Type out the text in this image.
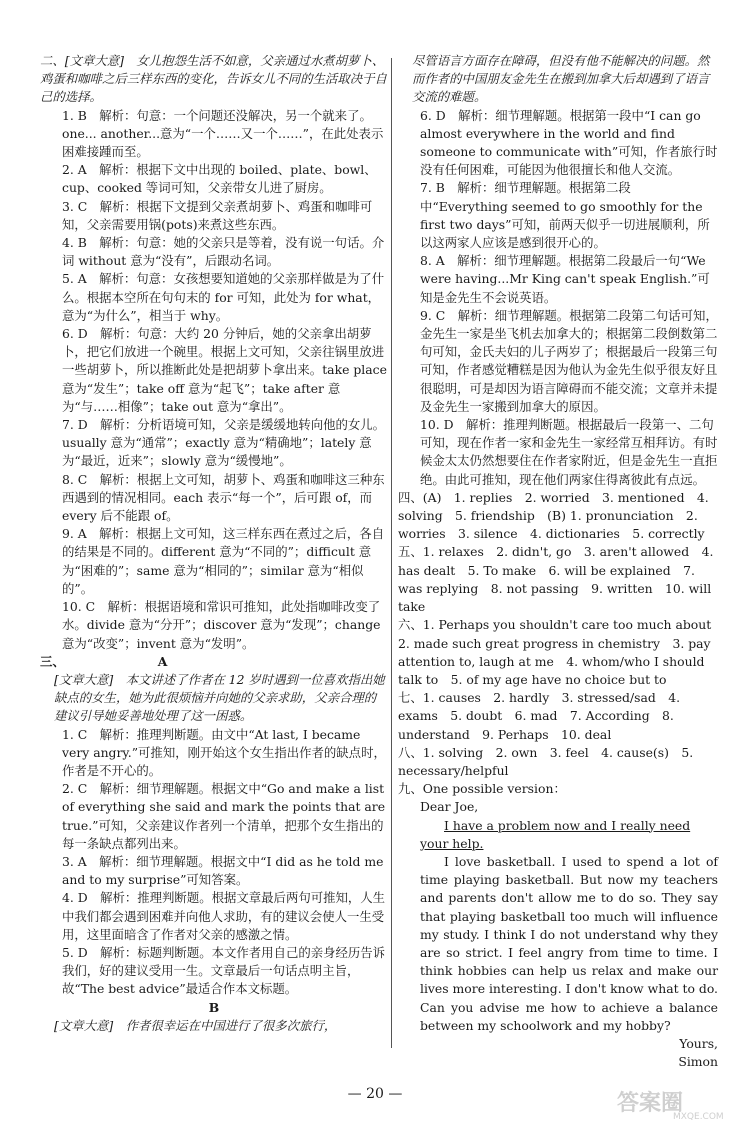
二、[文章大意]　女儿抱怨生活不如意，父亲通过水煮胡萝卜、鸡蛋和咖啡之后三样东西的变化，告诉女儿不同的生活取决于自己的选择。

1. B　解析：句意：一个问题还没解决，另一个就来了。one... another...意为“一个……又一个……”，在此处表示困难接踵而至。

2. A　解析：根据下文中出现的 boiled、plate、bowl、cup、cooked 等词可知，父亲带女儿进了厨房。

3. C　解析：根据下文提到父亲煮胡萝卜、鸡蛋和咖啡可知，父亲需要用锅(pots)来煮这些东西。

4. B　解析：句意：她的父亲只是等着，没有说一句话。介词 without 意为“没有”，后跟动名词。

5. A　解析：句意：女孩想要知道她的父亲那样做是为了什么。根据本空所在句句末的 for 可知，此处为 for what，意为“为什么”，相当于 why。

6. D　解析：句意：大约 20 分钟后，她的父亲拿出胡萝卜，把它们放进一个碗里。根据上文可知，父亲往锅里放进一些胡萝卜，所以推断此处是把胡萝卜拿出来。take place 意为“发生”；take off 意为“起飞”；take after 意为“与……相像”；take out 意为“拿出”。

7. D　解析：分析语境可知，父亲是缓缓地转向他的女儿。usually 意为“通常”；exactly 意为“精确地”；lately 意为“最近，近来”；slowly 意为“缓慢地”。

8. C　解析：根据上文可知，胡萝卜、鸡蛋和咖啡这三种东西遇到的情况相同。each 表示“每一个”，后可跟 of，而 every 后不能跟 of。

9. A　解析：根据上文可知，这三样东西在煮过之后，各自的结果是不同的。different 意为“不同的”；difficult 意为“困难的”；same 意为“相同的”；similar 意为“相似的”。

10. C　解析：根据语境和常识可推知，此处指咖啡改变了水。divide 意为“分开”；discover 意为“发现”；change 意为“改变”；invent 意为“发明”。

三、　　　　　　　　A

[文章大意]　本文讲述了作者在 12 岁时遇到一位喜欢指出她缺点的女生，她为此很烦恼并向她的父亲求助，父亲合理的建议引导她妥善地处理了这一困惑。

1. C　解析：推理判断题。由文中“At last, I became very angry.”可推知，刚开始这个女生指出作者的缺点时，作者是不开心的。

2. C　解析：细节理解题。根据文中“Go and make a list of everything she said and mark the points that are true.”可知，父亲建议作者列一个清单，把那个女生指出的每一条缺点都列出来。

3. A　解析：细节理解题。根据文中“I did as he told me and to my surprise”可知答案。

4. D　解析：推理判断题。根据文章最后两句可推知，人生中我们都会遇到困难并向他人求助，有的建议会使人一生受用，这里面暗含了作者对父亲的感激之情。

5. D　解析：标题判断题。本文作者用自己的亲身经历告诉我们，好的建议受用一生。文章最后一句话点明主旨，故“The best advice”最适合作本文标题。

B

[文章大意]　作者很幸运在中国进行了很多次旅行，

尽管语言方面存在障碍，但没有他不能解决的问题。然而作者的中国朋友金先生在搬到加拿大后却遇到了语言交流的难题。

6. D　解析：细节理解题。根据第一段中“I can go almost everywhere in the world and find someone to communicate with”可知，作者旅行时没有任何困难，可能因为他很擅长和他人交流。

7. B　解析：细节理解题。根据第二段中“Everything seemed to go smoothly for the first two days”可知，前两天似乎一切进展顺利，所以这两家人应该是感到很开心的。

8. A　解析：细节理解题。根据第二段最后一句“We were having...Mr King can't speak English.”可知是金先生不会说英语。

9. C　解析：细节理解题。根据第二段第二句话可知，金先生一家是坐飞机去加拿大的；根据第二段倒数第二句可知，金氏夫妇的儿子两岁了；根据最后一段第三句可知，作者感觉糟糕是因为他认为金先生似乎很友好且很聪明，可是却因为语言障碍而不能交流；文章并未提及金先生一家搬到加拿大的原因。

10. D　解析：推理判断题。根据最后一段第一、二句可知，现在作者一家和金先生一家经常互相拜访。有时候金太太仍然想要住在作者家附近，但是金先生一直拒绝。由此可推知，现在他们两家住得离彼此有点远。

四、(A)　1. replies　2. worried　3. mentioned　4. solving　5. friendship　(B) 1. pronunciation　2. worries　3. silence　4. dictionaries　5. correctly

五、1. relaxes　2. didn't, go　3. aren't allowed　4. has dealt　5. To make　6. will be explained　7. was replying　8. not passing　9. written　10. will take

六、1. Perhaps you shouldn't care too much about　2. made such great progress in chemistry　3. pay attention to, laugh at me　4. whom/who I should talk to　5. of my age have no choice but to

七、1. causes　2. hardly　3. stressed/sad　4. exams　5. doubt　6. mad　7. According　8. understand　9. Perhaps　10. deal

八、1. solving　2. own　3. feel　4. cause(s)　5. necessary/helpful

九、One possible version：

Dear Joe,

I have a problem now and I really need your help.

I love basketball. I used to spend a lot of time playing basketball. But now my teachers and parents don't allow me to do so. They say that playing basketball too much will influence my study. I think I do not understand why they are so strict. I feel angry from time to time. I think hobbies can help us relax and make our lives more interesting. I don't know what to do. Can you advise me how to achieve a balance between my schoolwork and my hobby?

Yours,

Simon

— 20 —	答案圈
MXQE.COM
